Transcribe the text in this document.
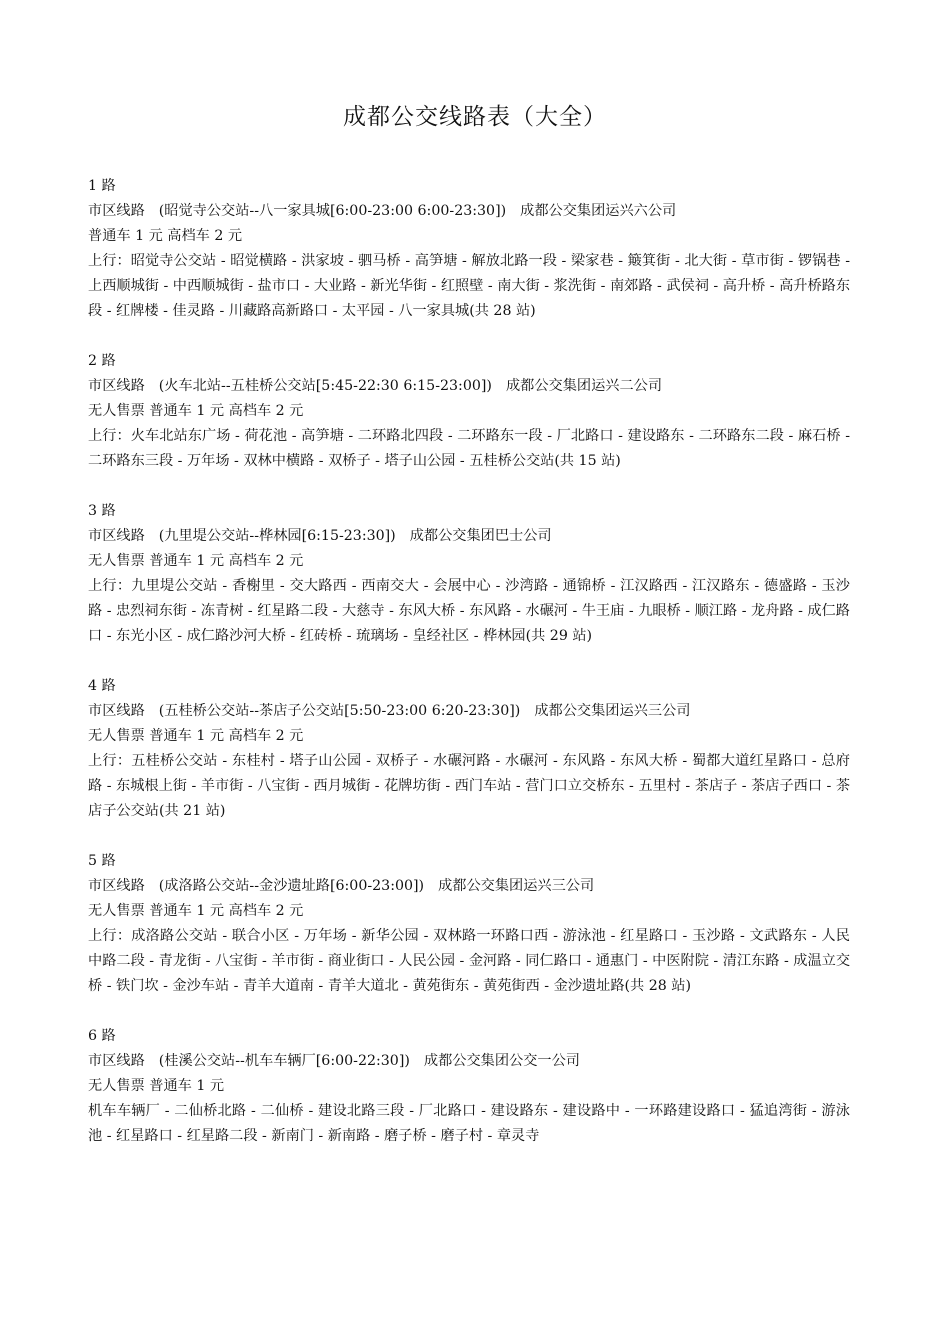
成都公交线路表（大全）
1 路
市区线路 (昭觉寺公交站--八一家具城[6:00-23:00 6:00-23:30]) 成都公交集团运兴六公司
普通车 1 元 高档车 2 元
上行：昭觉寺公交站 - 昭觉横路 - 洪家坡 - 驷马桥 - 高笋塘 - 解放北路一段 - 梁家巷 - 簸箕街 - 北大街 - 草市街 - 锣锅巷 - 上西顺城街 - 中西顺城街 - 盐市口 - 大业路 - 新光华街 - 红照壁 - 南大街 - 浆洗街 - 南郊路 - 武侯祠 - 高升桥 - 高升桥路东段 - 红牌楼 - 佳灵路 - 川藏路高新路口 - 太平园 - 八一家具城(共 28 站)
2 路
市区线路 (火车北站--五桂桥公交站[5:45-22:30 6:15-23:00]) 成都公交集团运兴二公司
无人售票 普通车 1 元 高档车 2 元
上行：火车北站东广场 - 荷花池 - 高笋塘 - 二环路北四段 - 二环路东一段 - 厂北路口 - 建设路东 - 二环路东二段 - 麻石桥 - 二环路东三段 - 万年场 - 双林中横路 - 双桥子 - 塔子山公园 - 五桂桥公交站(共 15 站)
3 路
市区线路 (九里堤公交站--桦林园[6:15-23:30]) 成都公交集团巴士公司
无人售票 普通车 1 元 高档车 2 元
上行：九里堤公交站 - 香榭里 - 交大路西 - 西南交大 - 会展中心 - 沙湾路 - 通锦桥 - 江汉路西 - 江汉路东 - 德盛路 - 玉沙路 - 忠烈祠东街 - 冻青树 - 红星路二段 - 大慈寺 - 东风大桥 - 东风路 - 水碾河 - 牛王庙 - 九眼桥 - 顺江路 - 龙舟路 - 成仁路口 - 东光小区 - 成仁路沙河大桥 - 红砖桥 - 琉璃场 - 皇经社区 - 桦林园(共 29 站)
4 路
市区线路 (五桂桥公交站--茶店子公交站[5:50-23:00 6:20-23:30]) 成都公交集团运兴三公司
无人售票 普通车 1 元 高档车 2 元
上行：五桂桥公交站 - 东桂村 - 塔子山公园 - 双桥子 - 水碾河路 - 水碾河 - 东风路 - 东风大桥 - 蜀都大道红星路口 - 总府路 - 东城根上街 - 羊市街 - 八宝街 - 西月城街 - 花牌坊街 - 西门车站 - 营门口立交桥东 - 五里村 - 茶店子 - 茶店子西口 - 茶店子公交站(共 21 站)
5 路
市区线路 (成洛路公交站--金沙遗址路[6:00-23:00]) 成都公交集团运兴三公司
无人售票 普通车 1 元 高档车 2 元
上行：成洛路公交站 - 联合小区 - 万年场 - 新华公园 - 双林路一环路口西 - 游泳池 - 红星路口 - 玉沙路 - 文武路东 - 人民中路二段 - 青龙街 - 八宝街 - 羊市街 - 商业街口 - 人民公园 - 金河路 - 同仁路口 - 通惠门 - 中医附院 - 清江东路 - 成温立交桥 - 铁门坎 - 金沙车站 - 青羊大道南 - 青羊大道北 - 黄苑街东 - 黄苑街西 - 金沙遗址路(共 28 站)
6 路
市区线路 (桂溪公交站--机车车辆厂[6:00-22:30]) 成都公交集团公交一公司
无人售票 普通车 1 元
机车车辆厂 - 二仙桥北路 - 二仙桥 - 建设北路三段 - 厂北路口 - 建设路东 - 建设路中 - 一环路建设路口 - 猛追湾街 - 游泳池 - 红星路口 - 红星路二段 - 新南门 - 新南路 - 磨子桥 - 磨子村 - 章灵寺
